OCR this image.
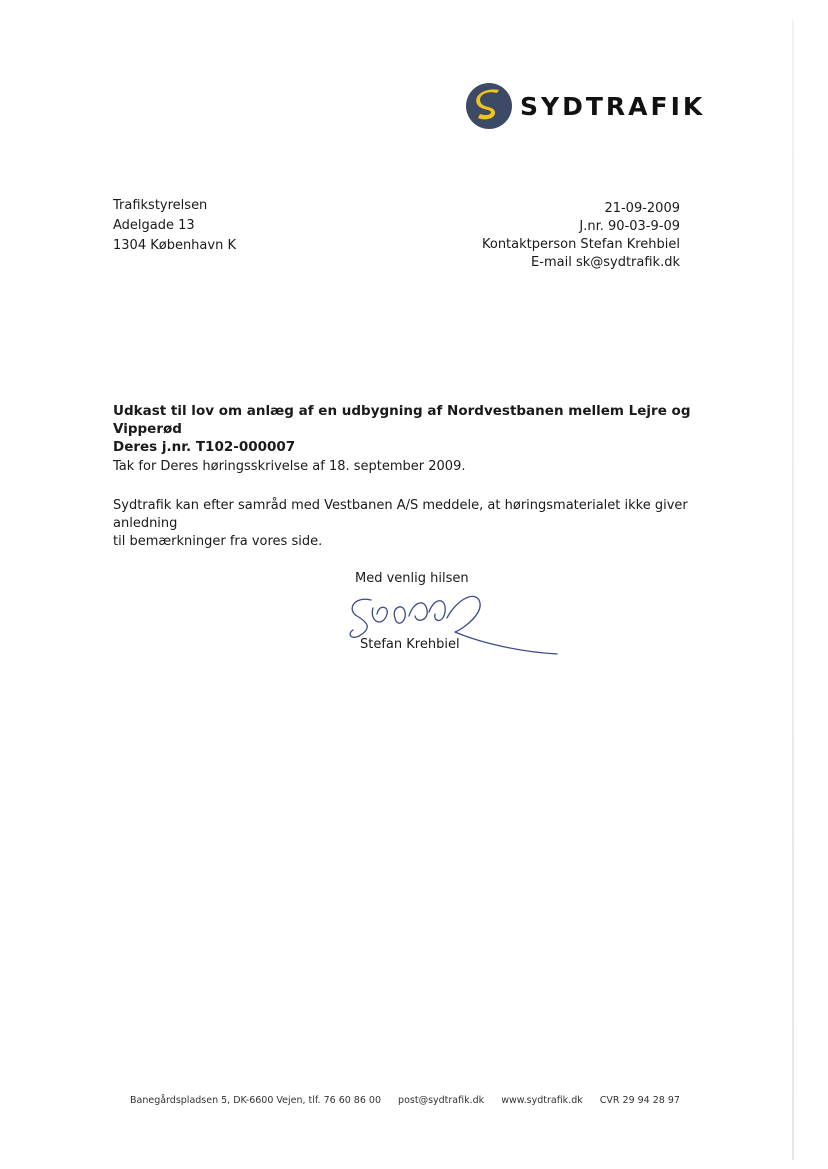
SYDTRAFIK
Trafikstyrelsen
Adelgade 13
1304 København K
21-09-2009
J.nr. 90-03-9-09
Kontaktperson Stefan Krehbiel
E-mail sk@sydtrafik.dk
Udkast til lov om anlæg af en udbygning af Nordvestbanen mellem Lejre og Vipperød
Deres j.nr. T102-000007
Tak for Deres høringsskrivelse af 18. september 2009.
Sydtrafik kan efter samråd med Vestbanen A/S meddele, at høringsmaterialet ikke giver anledning
til bemærkninger fra vores side.
Med venlig hilsen
Stefan Krehbiel
Banegårdspladsen 5, DK-6600 Vejen, tlf. 76 60 86 00 post@sydtrafik.dk www.sydtrafik.dk CVR 29 94 28 97
